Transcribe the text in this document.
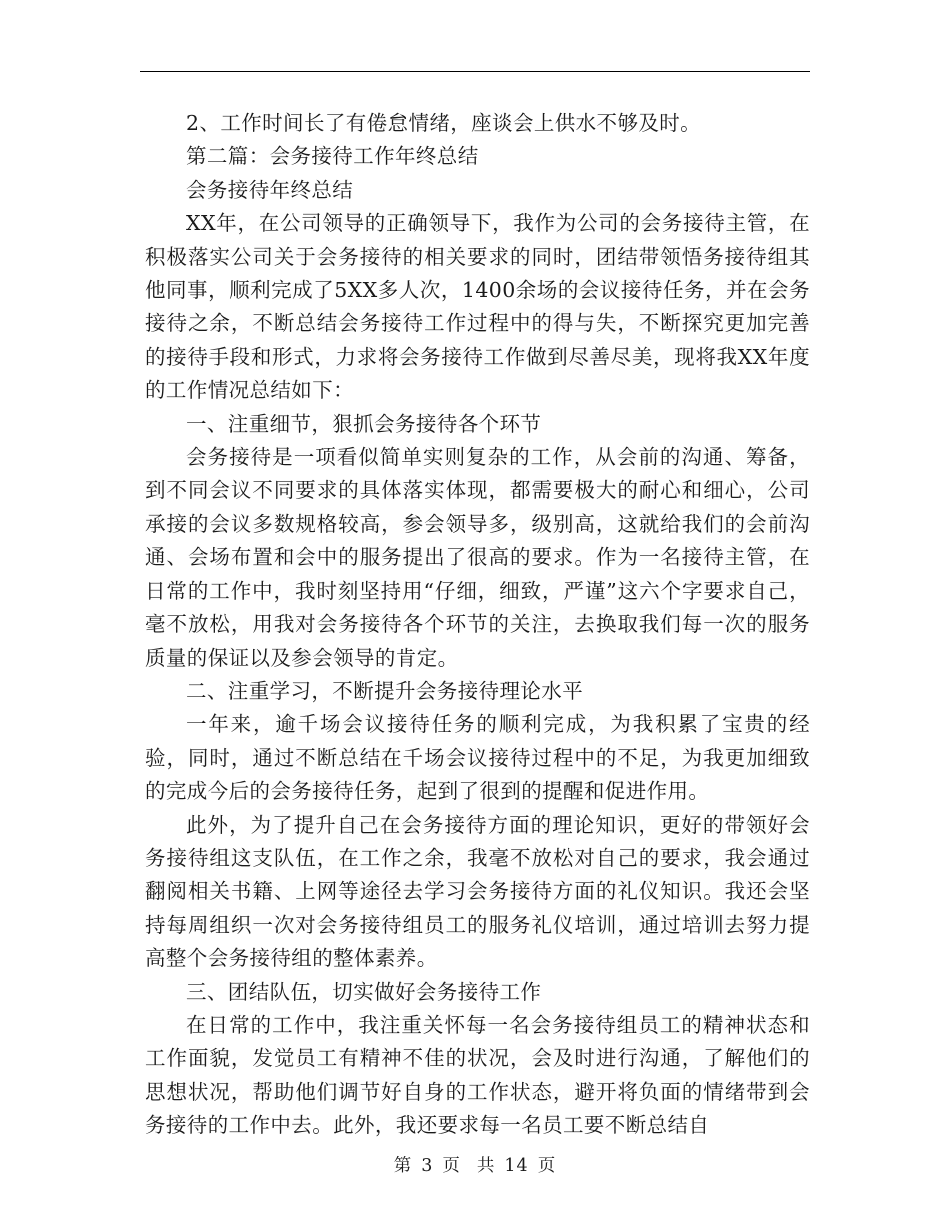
2、工作时间长了有倦怠情绪，座谈会上供水不够及时。

第二篇：会务接待工作年终总结

会务接待年终总结

XX年，在公司领导的正确领导下，我作为公司的会务接待主管，在积极落实公司关于会务接待的相关要求的同时，团结带领悟务接待组其他同事，顺利完成了5XX多人次，1400余场的会议接待任务，并在会务接待之余，不断总结会务接待工作过程中的得与失，不断探究更加完善的接待手段和形式，力求将会务接待工作做到尽善尽美，现将我XX年度的工作情况总结如下：

一、注重细节，狠抓会务接待各个环节

会务接待是一项看似简单实则复杂的工作，从会前的沟通、筹备，到不同会议不同要求的具体落实体现，都需要极大的耐心和细心，公司承接的会议多数规格较高，参会领导多，级别高，这就给我们的会前沟通、会场布置和会中的服务提出了很高的要求。作为一名接待主管，在日常的工作中，我时刻坚持用“仔细，细致，严谨”这六个字要求自己，毫不放松，用我对会务接待各个环节的关注，去换取我们每一次的服务质量的保证以及参会领导的肯定。

二、注重学习，不断提升会务接待理论水平

一年来，逾千场会议接待任务的顺利完成，为我积累了宝贵的经验，同时，通过不断总结在千场会议接待过程中的不足，为我更加细致的完成今后的会务接待任务，起到了很到的提醒和促进作用。

此外，为了提升自己在会务接待方面的理论知识，更好的带领好会务接待组这支队伍，在工作之余，我毫不放松对自己的要求，我会通过翻阅相关书籍、上网等途径去学习会务接待方面的礼仪知识。我还会坚持每周组织一次对会务接待组员工的服务礼仪培训，通过培训去努力提高整个会务接待组的整体素养。

三、团结队伍，切实做好会务接待工作

在日常的工作中，我注重关怀每一名会务接待组员工的精神状态和工作面貌，发觉员工有精神不佳的状况，会及时进行沟通，了解他们的思想状况，帮助他们调节好自身的工作状态，避开将负面的情绪带到会务接待的工作中去。此外，我还要求每一名员工要不断总结自

第 3 页 共 14 页
